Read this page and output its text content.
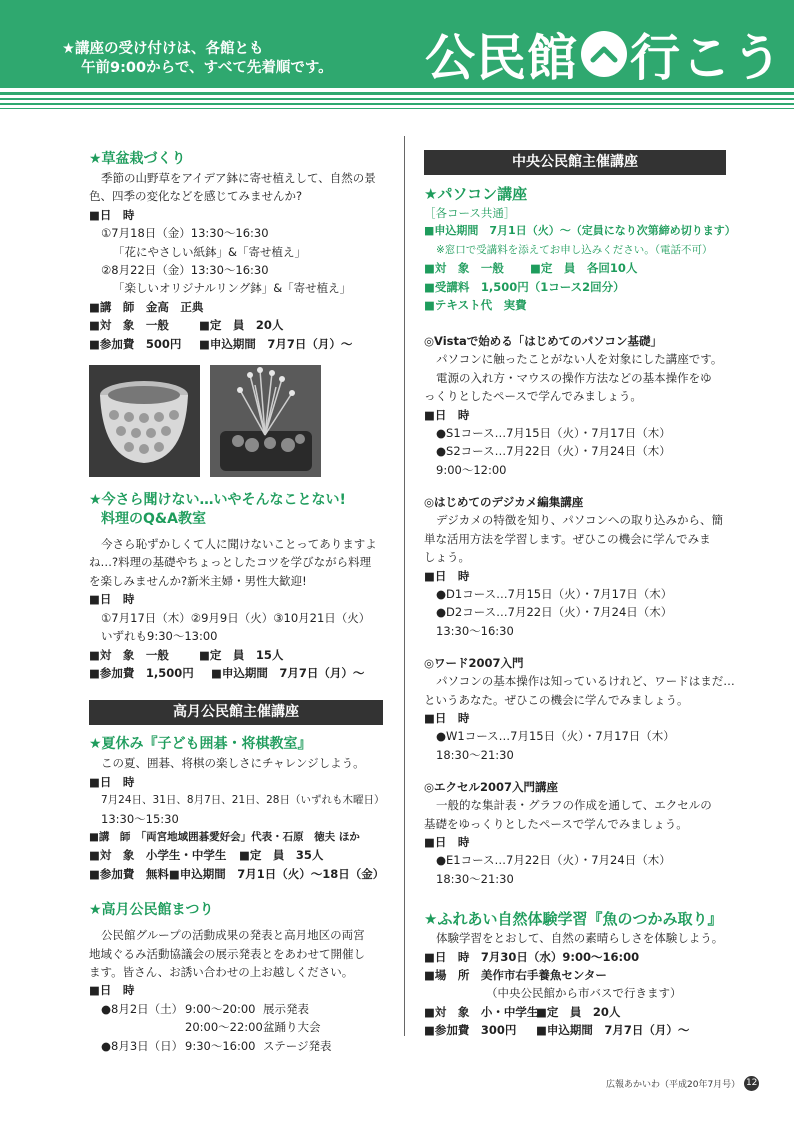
★講座の受け付けは、各館とも
午前9:00からで、すべて先着順です。 公民館 行こう
★草盆栽づくり
季節の山野草をアイデア鉢に寄せ植えして、自然の景
色、四季の変化などを感じてみませんか?
■日　時
①7月18日（金）13:30～16:30
「花にやさしい紙鉢」&「寄せ植え」
②8月22日（金）13:30～16:30
「楽しいオリジナルリング鉢」&「寄せ植え」
■講　師　金高　正典
■対　象　一般	■定　員　20人
■参加費　500円	■申込期間　7月7日（月）～
★今さら聞けない…いやそんなことない!
料理のQ&A教室
今さら恥ずかしくて人に聞けないことってありますよ
ね…?料理の基礎やちょっとしたコツを学びながら料理
を楽しみませんか?新米主婦・男性大歓迎!
■日　時
①7月17日（木）②9月9日（火）③10月21日（火）
いずれも9:30～13:00
■対　象　一般	■定　員　15人
■参加費　1,500円	■申込期間　7月7日（月）～
高月公民館主催講座
★夏休み『子ども囲碁・将棋教室』
この夏、囲碁、将棋の楽しさにチャレンジしよう。
■日　時
7月24日、31日、8月7日、21日、28日（いずれも木曜日）
13:30～15:30
■講　師　「両宮地域囲碁愛好会」代表・石原　徳夫 ほか
■対　象　小学生・中学生	■定　員　35人
■参加費　無料 ■申込期間　7月1日（火）～18日（金）
★高月公民館まつり
公民館グループの活動成果の発表と高月地区の両宮
地域ぐるみ活動協議会の展示発表とをあわせて開催し
ます。皆さん、お誘い合わせの上お越しください。
■日　時
●8月2日（土） 9:00～20:00 展示発表
20:00～22:00 盆踊り大会
●8月3日（日） 9:30～16:00 ステージ発表
中央公民館主催講座
★パソコン講座
［各コース共通］
■申込期間　7月1日（火）～（定員になり次第締め切ります）
※窓口で受講料を添えてお申し込みください。（電話不可）
■対　象　一般	■定　員　各回10人
■受講料　1,500円（1コース2回分）
■テキスト代　実費
◎Vistaで始める「はじめてのパソコン基礎」
パソコンに触ったことがない人を対象にした講座です。
電源の入れ方・マウスの操作方法などの基本操作をゆ
っくりとしたペースで学んでみましょう。
■日　時
●S1コース…7月15日（火）・7月17日（木）
●S2コース…7月22日（火）・7月24日（木）
9:00～12:00
◎はじめてのデジカメ編集講座
デジカメの特徴を知り、パソコンへの取り込みから、簡
単な活用方法を学習します。ぜひこの機会に学んでみま
しょう。
■日　時
●D1コース…7月15日（火）・7月17日（木）
●D2コース…7月22日（火）・7月24日（木）
13:30～16:30
◎ワード2007入門
パソコンの基本操作は知っているけれど、ワードはまだ…
というあなた。ぜひこの機会に学んでみましょう。
■日　時
●W1コース…7月15日（火）・7月17日（木）
18:30～21:30
◎エクセル2007入門講座
一般的な集計表・グラフの作成を通して、エクセルの
基礎をゆっくりとしたペースで学んでみましょう。
■日　時
●E1コース…7月22日（火）・7月24日（木）
18:30～21:30
★ふれあい自然体験学習『魚のつかみ取り』
体験学習をとおして、自然の素晴らしさを体験しよう。
■日　時　7月30日（水）9:00～16:00
■場　所　美作市右手養魚センター
（中央公民館から市バスで行きます）
■対　象　小・中学生
■定　員　20人
■参加費　300円	■申込期間　7月7日（月）～
広報あかいわ（平成20年7月号） 12
